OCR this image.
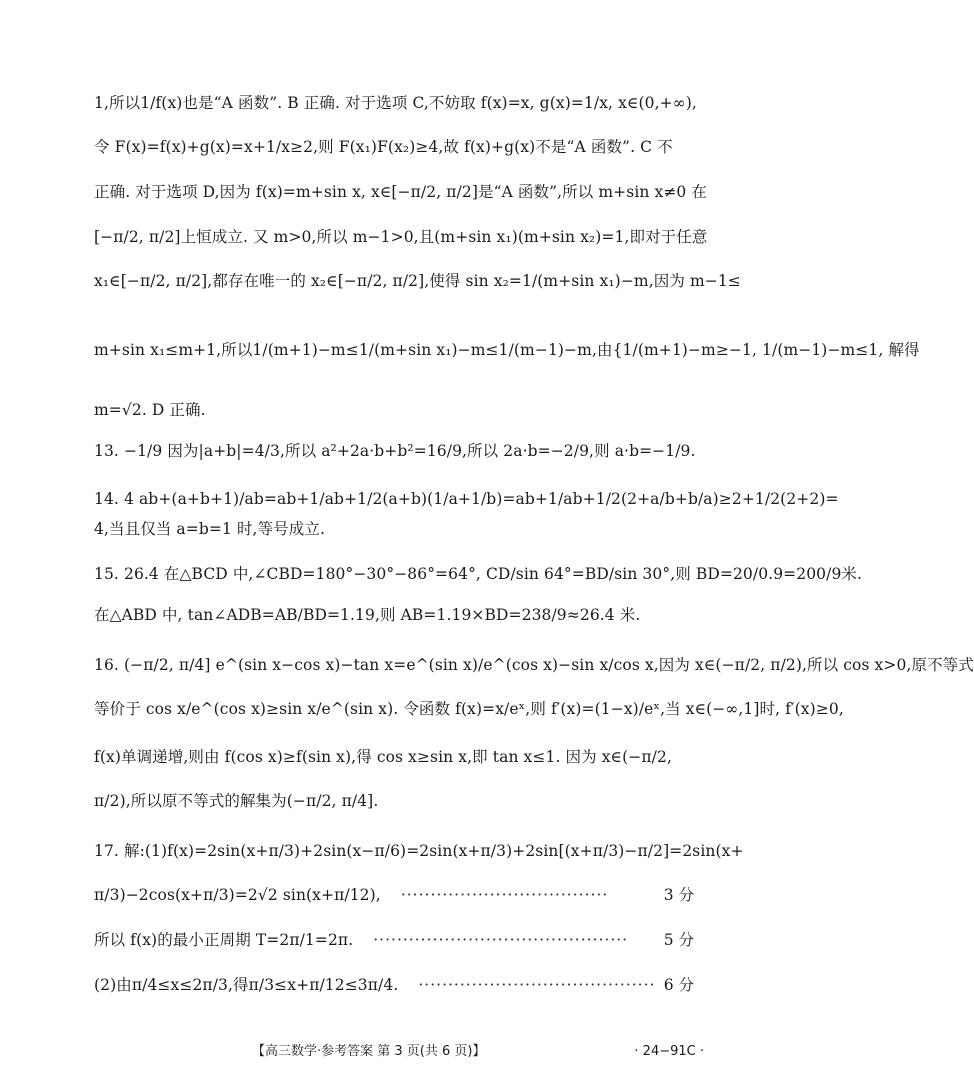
1,所以1/f(x)也是“A 函数”. B 正确. 对于选项 C,不妨取 f(x)=x, g(x)=1/x, x∈(0,+∞),
令 F(x)=f(x)+g(x)=x+1/x≥2,则 F(x₁)F(x₂)≥4,故 f(x)+g(x)不是“A 函数”. C 不
正确. 对于选项 D,因为 f(x)=m+sin x, x∈[−π/2, π/2]是“A 函数”,所以 m+sin x≠0 在
[−π/2, π/2]上恒成立. 又 m>0,所以 m−1>0,且(m+sin x₁)(m+sin x₂)=1,即对于任意
x₁∈[−π/2, π/2],都存在唯一的 x₂∈[−π/2, π/2],使得 sin x₂=1/(m+sin x₁)−m,因为 m−1≤
m+sin x₁≤m+1,所以1/(m+1)−m≤1/(m+sin x₁)−m≤1/(m−1)−m,由{1/(m+1)−m≥−1, 1/(m−1)−m≤1, 解得
m=√2. D 正确.
13. −1/9 因为|a+b|=4/3,所以 a²+2a·b+b²=16/9,所以 2a·b=−2/9,则 a·b=−1/9.
14. 4 ab+(a+b+1)/ab=ab+1/ab+1/2(a+b)(1/a+1/b)=ab+1/ab+1/2(2+a/b+b/a)≥2+1/2(2+2)=
4,当且仅当 a=b=1 时,等号成立.
15. 26.4 在△BCD 中,∠CBD=180°−30°−86°=64°, CD/sin 64°=BD/sin 30°,则 BD=20/0.9=200/9米.
在△ABD 中, tan∠ADB=AB/BD=1.19,则 AB=1.19×BD=238/9≈26.4 米.
16. (−π/2, π/4] e^(sin x−cos x)−tan x=e^(sin x)/e^(cos x)−sin x/cos x,因为 x∈(−π/2, π/2),所以 cos x>0,原不等式
等价于 cos x/e^(cos x)≥sin x/e^(sin x). 令函数 f(x)=x/eˣ,则 f′(x)=(1−x)/eˣ,当 x∈(−∞,1]时, f′(x)≥0,
f(x)单调递增,则由 f(cos x)≥f(sin x),得 cos x≥sin x,即 tan x≤1. 因为 x∈(−π/2,
π/2),所以原不等式的解集为(−π/2, π/4].
17. 解:(1)f(x)=2sin(x+π/3)+2sin(x−π/6)=2sin(x+π/3)+2sin[(x+π/3)−π/2]=2sin(x+
π/3)−2cos(x+π/3)=2√2 sin(x+π/12), ···································	3 分
所以 f(x)的最小正周期 T=2π/1=2π. ··········································· 5 分
(2)由π/4≤x≤2π/3,得π/3≤x+π/12≤3π/4. ········································ 6 分
【高三数学·参考答案 第 3 页(共 6 页)】	· 24−91C ·
